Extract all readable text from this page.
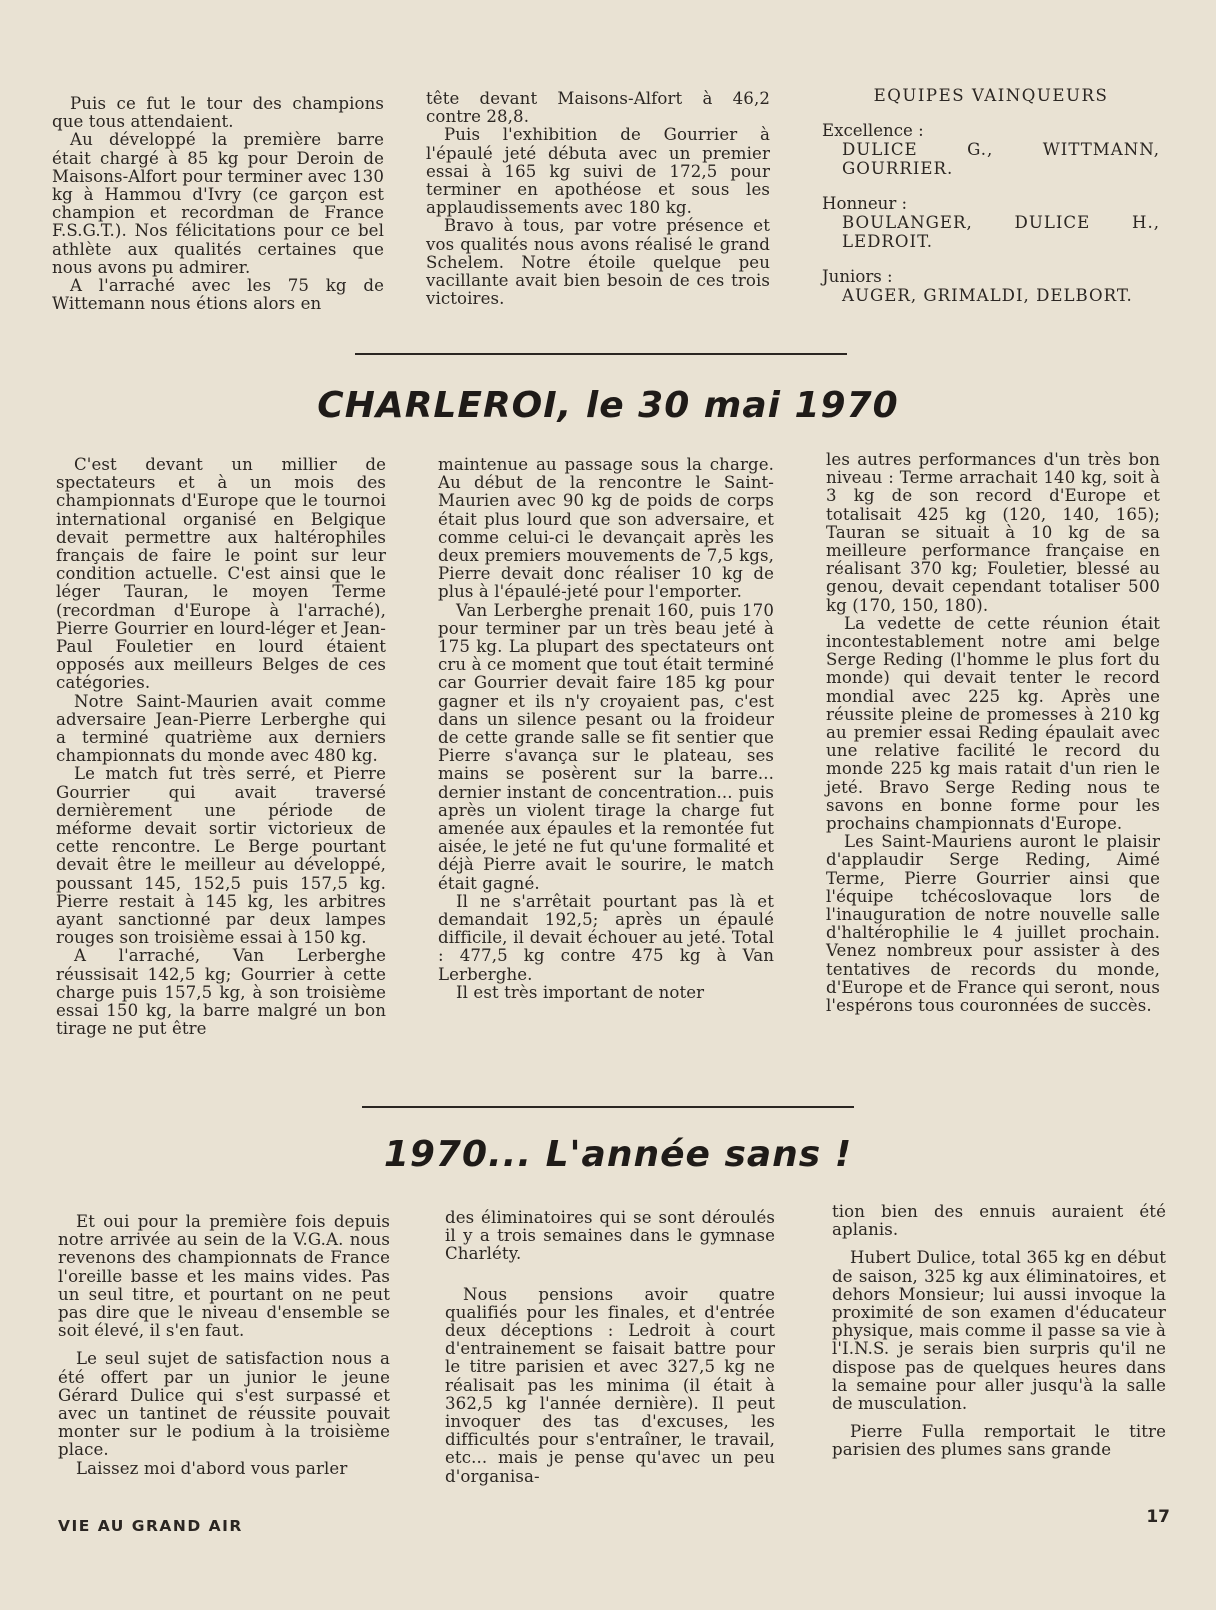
Puis ce fut le tour des champions que tous attendaient.

Au développé la première barre était chargé à 85 kg pour Deroin de Maisons-Alfort pour terminer avec 130 kg à Hammou d'Ivry (ce garçon est champion et recordman de France F.S.G.T.). Nos félicitations pour ce bel athlète aux qualités certaines que nous avons pu admirer.

A l'arraché avec les 75 kg de Wittemann nous étions alors en

tête devant Maisons-Alfort à 46,2 contre 28,8.

Puis l'exhibition de Gourrier à l'épaulé jeté débuta avec un premier essai à 165 kg suivi de 172,5 pour terminer en apothéose et sous les applaudissements avec 180 kg.

Bravo à tous, par votre présence et vos qualités nous avons réalisé le grand Schelem. Notre étoile quelque peu vacillante avait bien besoin de ces trois victoires.

EQUIPES VAINQUEURS

Excellence :

DULICE G., WITTMANN, GOURRIER.

Honneur :

BOULANGER, DULICE H., LEDROIT.

Juniors :

AUGER, GRIMALDI, DELBORT.

CHARLEROI, le 30 mai 1970

C'est devant un millier de spectateurs et à un mois des championnats d'Europe que le tournoi international organisé en Belgique devait permettre aux haltérophiles français de faire le point sur leur condition actuelle. C'est ainsi que le léger Tauran, le moyen Terme (recordman d'Europe à l'arraché), Pierre Gourrier en lourd-léger et Jean-Paul Fouletier en lourd étaient opposés aux meilleurs Belges de ces catégories.

Notre Saint-Maurien avait comme adversaire Jean-Pierre Lerberghe qui a terminé quatrième aux derniers championnats du monde avec 480 kg.

Le match fut très serré, et Pierre Gourrier qui avait traversé dernièrement une période de méforme devait sortir victorieux de cette rencontre. Le Berge pourtant devait être le meilleur au développé, poussant 145, 152,5 puis 157,5 kg. Pierre restait à 145 kg, les arbitres ayant sanctionné par deux lampes rouges son troisième essai à 150 kg.

A l'arraché, Van Lerberghe réussisait 142,5 kg; Gourrier à cette charge puis 157,5 kg, à son troisième essai 150 kg, la barre malgré un bon tirage ne put être

maintenue au passage sous la charge. Au début de la rencontre le Saint-Maurien avec 90 kg de poids de corps était plus lourd que son adversaire, et comme celui-ci le devançait après les deux premiers mouvements de 7,5 kgs, Pierre devait donc réaliser 10 kg de plus à l'épaulé-jeté pour l'emporter.

Van Lerberghe prenait 160, puis 170 pour terminer par un très beau jeté à 175 kg. La plupart des spectateurs ont cru à ce moment que tout était terminé car Gourrier devait faire 185 kg pour gagner et ils n'y croyaient pas, c'est dans un silence pesant ou la froideur de cette grande salle se fit sentier que Pierre s'avança sur le plateau, ses mains se posèrent sur la barre... dernier instant de concentration... puis après un violent tirage la charge fut amenée aux épaules et la remontée fut aisée, le jeté ne fut qu'une formalité et déjà Pierre avait le sourire, le match était gagné.

Il ne s'arrêtait pourtant pas là et demandait 192,5; après un épaulé difficile, il devait échouer au jeté. Total : 477,5 kg contre 475 kg à Van Lerberghe.

Il est très important de noter

les autres performances d'un très bon niveau : Terme arrachait 140 kg, soit à 3 kg de son record d'Europe et totalisait 425 kg (120, 140, 165); Tauran se situait à 10 kg de sa meilleure performance française en réalisant 370 kg; Fouletier, blessé au genou, devait cependant totaliser 500 kg (170, 150, 180).

La vedette de cette réunion était incontestablement notre ami belge Serge Reding (l'homme le plus fort du monde) qui devait tenter le record mondial avec 225 kg. Après une réussite pleine de promesses à 210 kg au premier essai Reding épaulait avec une relative facilité le record du monde 225 kg mais ratait d'un rien le jeté. Bravo Serge Reding nous te savons en bonne forme pour les prochains championnats d'Europe.

Les Saint-Mauriens auront le plaisir d'applaudir Serge Reding, Aimé Terme, Pierre Gourrier ainsi que l'équipe tchécoslovaque lors de l'inauguration de notre nouvelle salle d'haltérophilie le 4 juillet prochain. Venez nombreux pour assister à des tentatives de records du monde, d'Europe et de France qui seront, nous l'espérons tous couronnées de succès.

1970... L'année sans !

Et oui pour la première fois depuis notre arrivée au sein de la V.G.A. nous revenons des championnats de France l'oreille basse et les mains vides. Pas un seul titre, et pourtant on ne peut pas dire que le niveau d'ensemble se soit élevé, il s'en faut.

Le seul sujet de satisfaction nous a été offert par un junior le jeune Gérard Dulice qui s'est surpassé et avec un tantinet de réussite pouvait monter sur le podium à la troisième place.

Laissez moi d'abord vous parler

des éliminatoires qui se sont déroulés il y a trois semaines dans le gymnase Charléty.

Nous pensions avoir quatre qualifiés pour les finales, et d'entrée deux déceptions : Ledroit à court d'entrainement se faisait battre pour le titre parisien et avec 327,5 kg ne réalisait pas les minima (il était à 362,5 kg l'année dernière). Il peut invoquer des tas d'excuses, les difficultés pour s'entraîner, le travail, etc... mais je pense qu'avec un peu d'organisa-

tion bien des ennuis auraient été aplanis.

Hubert Dulice, total 365 kg en début de saison, 325 kg aux éliminatoires, et dehors Monsieur; lui aussi invoque la proximité de son examen d'éducateur physique, mais comme il passe sa vie à l'I.N.S. je serais bien surpris qu'il ne dispose pas de quelques heures dans la semaine pour aller jusqu'à la salle de musculation.

Pierre Fulla remportait le titre parisien des plumes sans grande

VIE AU GRAND AIR	17
